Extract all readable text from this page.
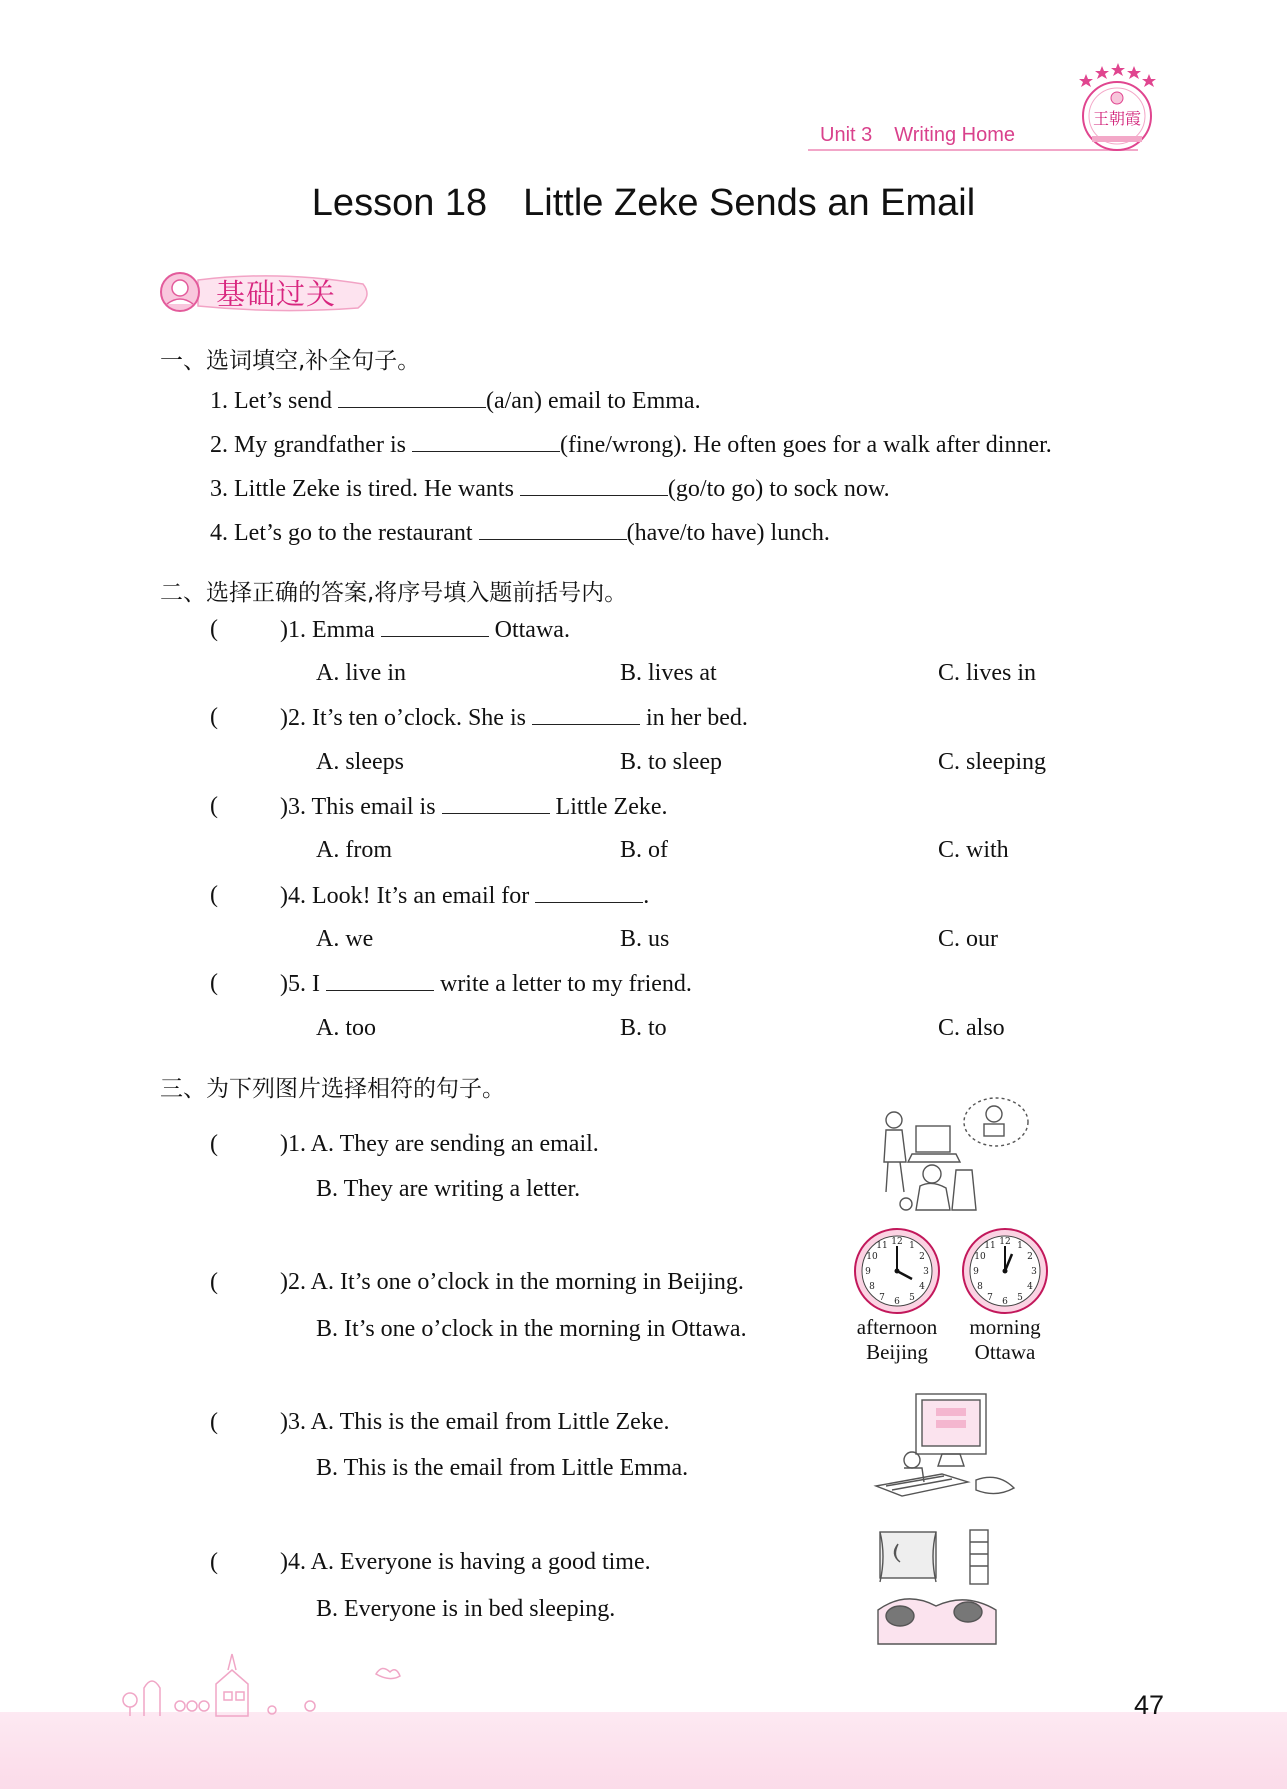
Unit 3 Writing Home
王朝霞
Lesson 18 Little Zeke Sends an Email
基础过关
一、选词填空,补全句子。
1. Let’s send	(a/an) email to Emma.
2. My grandfather is	(fine/wrong). He often goes for a walk after dinner.
3. Little Zeke is tired. He wants	(go/to go) to sock now.
4. Let’s go to the restaurant	(have/to have) lunch.
二、选择正确的答案,将序号填入题前括号内。
(	)1. Emma	Ottawa.
A. live in	B. lives at	C. lives in
(	)2. It’s ten o’clock. She is	in her bed.
A. sleeps	B. to sleep	C. sleeping
(	)3. This email is	Little Zeke.
A. from	B. of	C. with
(	)4. Look! It’s an email for	.
A. we	B. us	C. our
(	)5. I	write a letter to my friend.
A. too	B. to	C. also
三、为下列图片选择相符的句子。
(	)1. A. They are sending an email.
B. They are writing a letter.
(	)2. A. It’s one o’clock in the morning in Beijing.
B. It’s one o’clock in the morning in Ottawa.
12 1
2
3
4
5
6
7
8
9
10
11	12 1
2
3
4
5
6
7
8
9
10
11
afternoon
Beijing
morning
Ottawa
(	)3. A. This is the email from Little Zeke.
B. This is the email from Little Emma.
(	)4. A. Everyone is having a good time.
B. Everyone is in bed sleeping.
47
